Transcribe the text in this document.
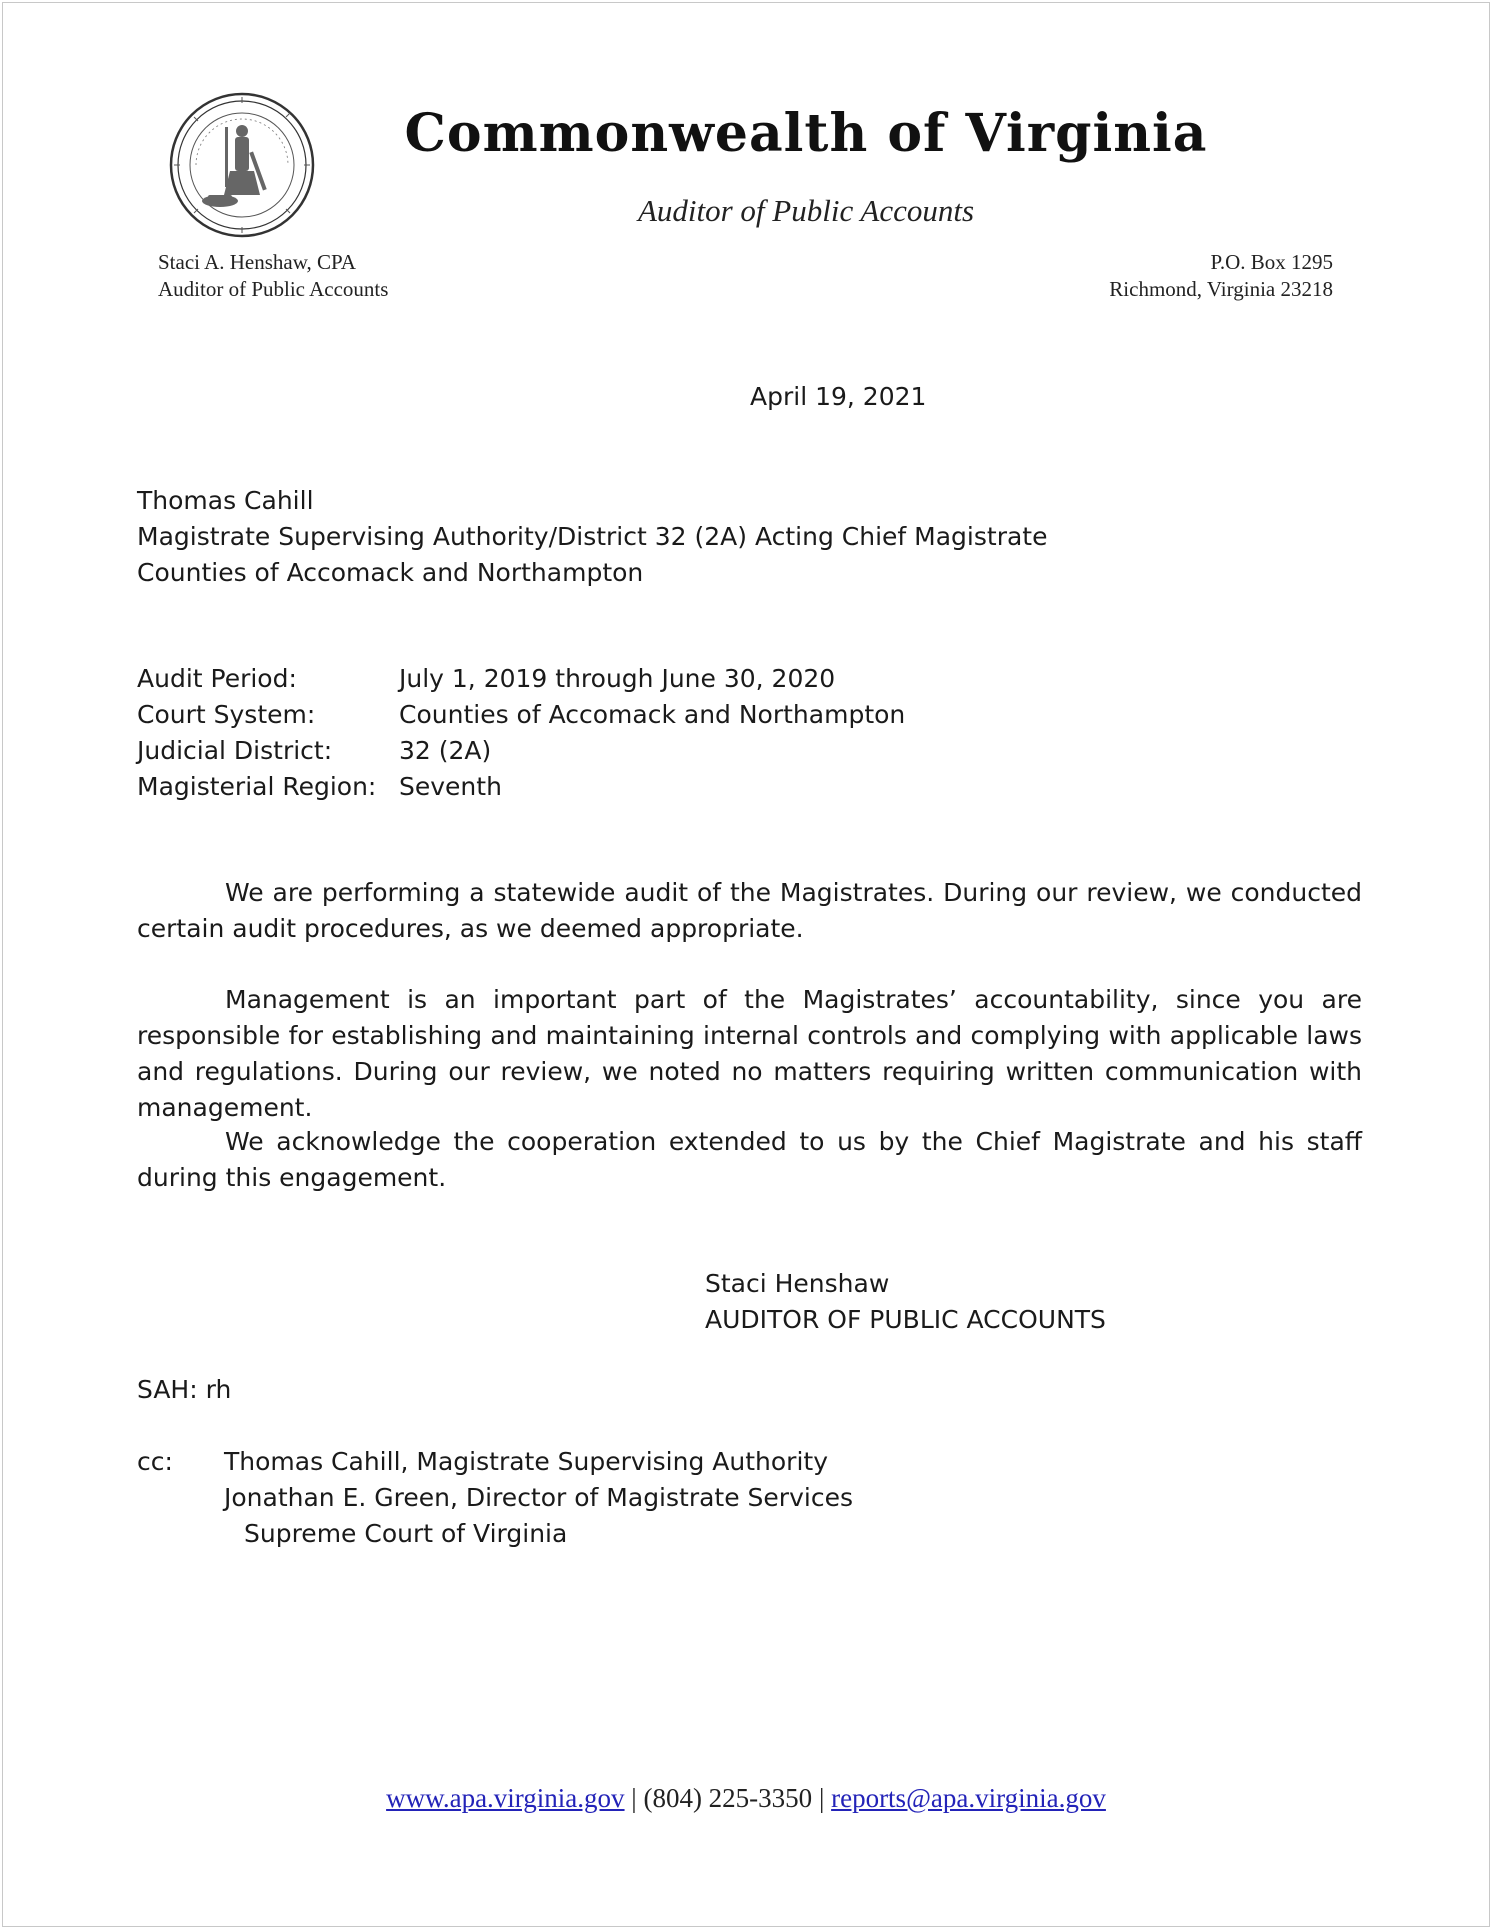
Commonwealth of Virginia
Auditor of Public Accounts
Staci A. Henshaw, CPA
Auditor of Public Accounts
P.O. Box 1295
Richmond, Virginia 23218
April 19, 2021
Thomas Cahill
Magistrate Supervising Authority/District 32 (2A) Acting Chief Magistrate
Counties of Accomack and Northampton
Audit Period:	July 1, 2019 through June 30, 2020
Court System:	Counties of Accomack and Northampton
Judicial District:	32 (2A)
Magisterial Region: Seventh
We are performing a statewide audit of the Magistrates. During our review, we conducted certain audit procedures, as we deemed appropriate.
Management is an important part of the Magistrates’ accountability, since you are responsible for establishing and maintaining internal controls and complying with applicable laws and regulations. During our review, we noted no matters requiring written communication with management.
We acknowledge the cooperation extended to us by the Chief Magistrate and his staff during this engagement.
Staci Henshaw
AUDITOR OF PUBLIC ACCOUNTS
SAH: rh
cc:	Thomas Cahill, Magistrate Supervising Authority
Jonathan E. Green, Director of Magistrate Services
Supreme Court of Virginia
www.apa.virginia.gov | (804) 225-3350 | reports@apa.virginia.gov
